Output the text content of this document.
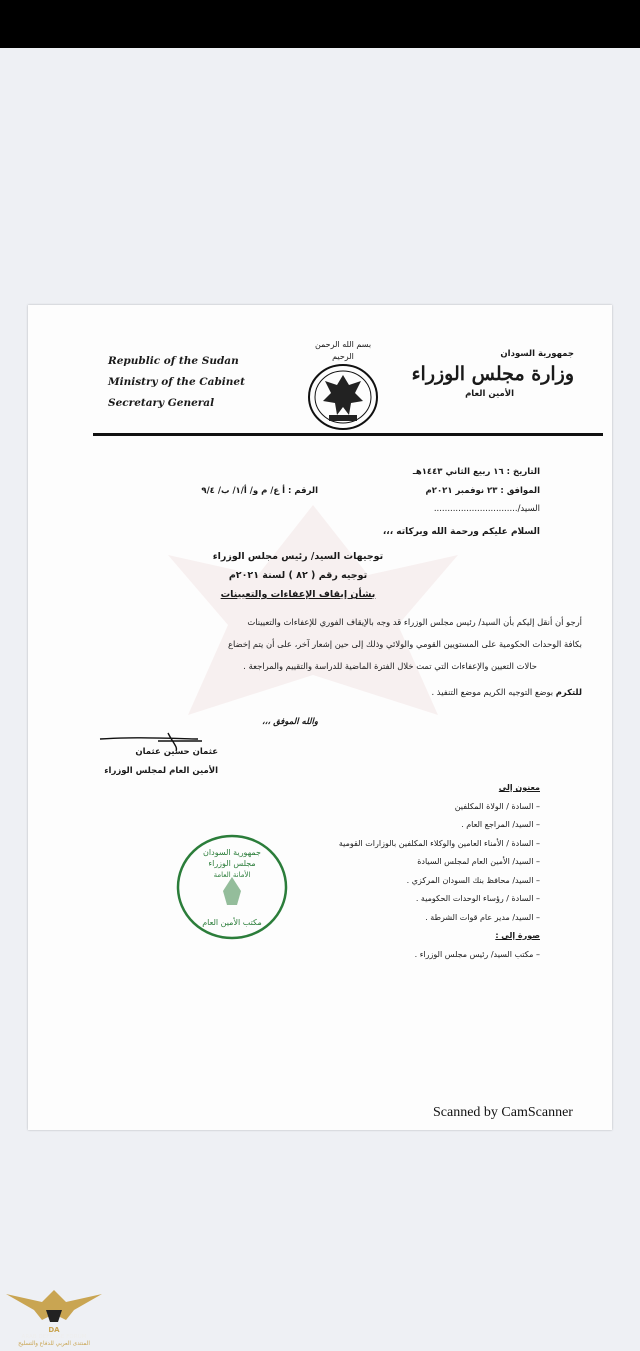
Republic of the Sudan
Ministry of the Cabinet
Secretary General
بسم الله الرحمن الرحيم	جمهورية السودان
وزارة مجلس الوزراء
الأمين العام
التاريخ : ١٦ ربيع الثاني ١٤٤٣هـ
الموافق : ٢٣ نوفمبر ٢٠٢١م
السيد/...............................
الرقم : أ ع/ م و/ أ/١/ ب/ ٩/٤
السلام عليكم ورحمة الله وبركاته ،،،
توجيهات السيد/ رئيس مجلس الوزراء
توجيه رقم ( ٨٢ ) لسنة ٢٠٢١م
بشأن إيقاف الإعفاءات والتعيينات
أرجو أن أنقل إليكم بأن السيد/ رئيس مجلس الوزراء قد وجه بالإيقاف الفوري للإعفاءات والتعيينات
بكافة الوحدات الحكومية على المستويين القومي والولائي وذلك إلى حين إشعار آخر، على أن يتم إخضاع
حالات التعيين والإعفاءات التي تمت خلال الفترة الماضية للدراسة والتقييم والمراجعة .
للتكرم بوضع التوجيه الكريم موضع التنفيذ .
والله الموفق ،،،
عثمان حسين عثمان
الأمين العام لمجلس الوزراء
معنون إلى
– السادة / الولاة المكلفين
– السيد/ المراجع العام .
– السادة / الأمناء العامين والوكلاء المكلفين بالوزارات القومية
– السيد/ الأمين العام لمجلس السيادة
– السيد/ محافظ بنك السودان المركزي .
– السادة / رؤساء الوحدات الحكومية .
– السيد/ مدير عام قوات الشرطة .
صورة إلى :
– مكتب السيد/ رئيس مجلس الوزراء .
جمهورية السودان
مجلس الوزراء
الأمانة العامة
مكتب الأمين العام
Scanned by CamScanner
DA
ARAB DEFENSE FORUM
المنتدى العربي للدفاع والتسليح
